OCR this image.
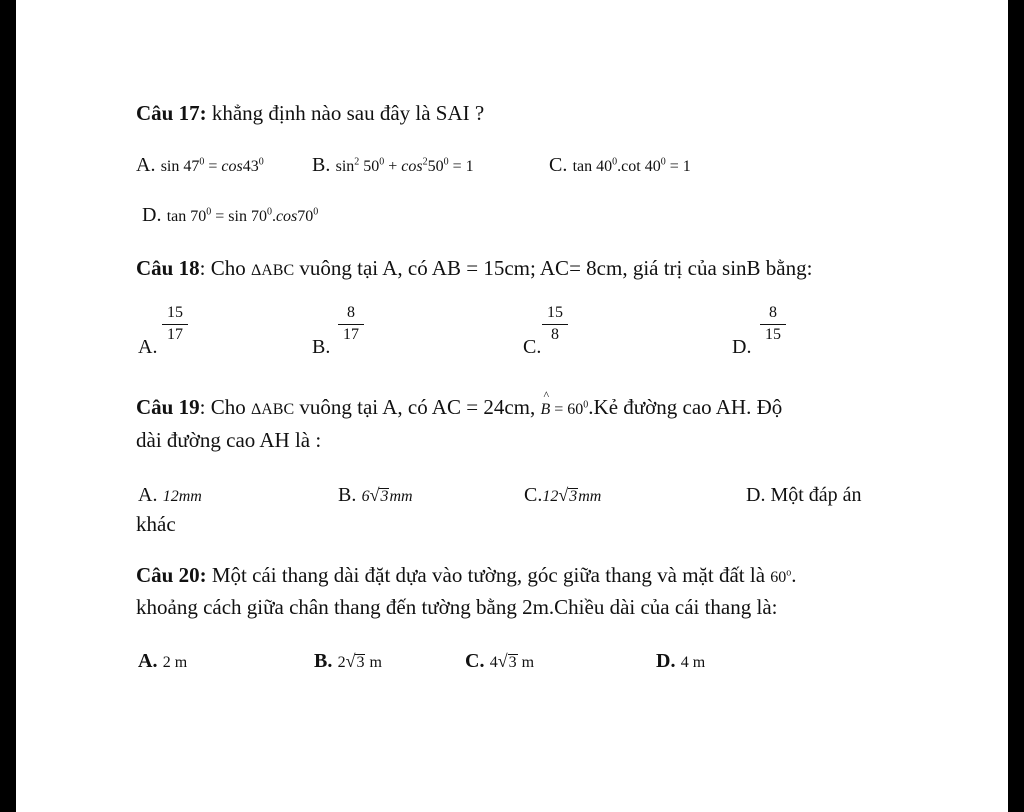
Câu 17: khẳng định nào sau đây là SAI ?
A. $\sin 47^0 = \cos 43^0$ B. $\sin^2 50^0 + \cos^250^0 = 1$	C. $\tan 40^0.\cot$ $40^0 = 1$
D. $\tan 70^0 = \sin 70^0.\cos 70^0$
Câu 18: Cho ΔABC vuông tại A, có AB = 15cm; AC= 8cm, giá trị của sinB bằng:
A.
$\frac{15}{17}$
B.
$\frac{8}{17}$
C.
$\frac{15}{8}$
D.
$\frac{8}{15}$
Câu 19: Cho ΔABC vuông tại A, có AC = 24cm, ^
$B = 60^0.Kẻ$ đường cao AH. Độ
dài đường cao AH là :
A. 12mm	B. 6√3mm	C.12√3mm	D. Một đáp án
khác
Câu 20: Một cái thang dài đặt dựa vào tường, góc giữa thang và mặt đất là 60$^o$.
khoảng cách giữa chân thang đến tường bằng 2m.Chiều dài của cái thang là:
A. 2 m	B. 2√3 m	C. 4√3 m	D. 4 m
